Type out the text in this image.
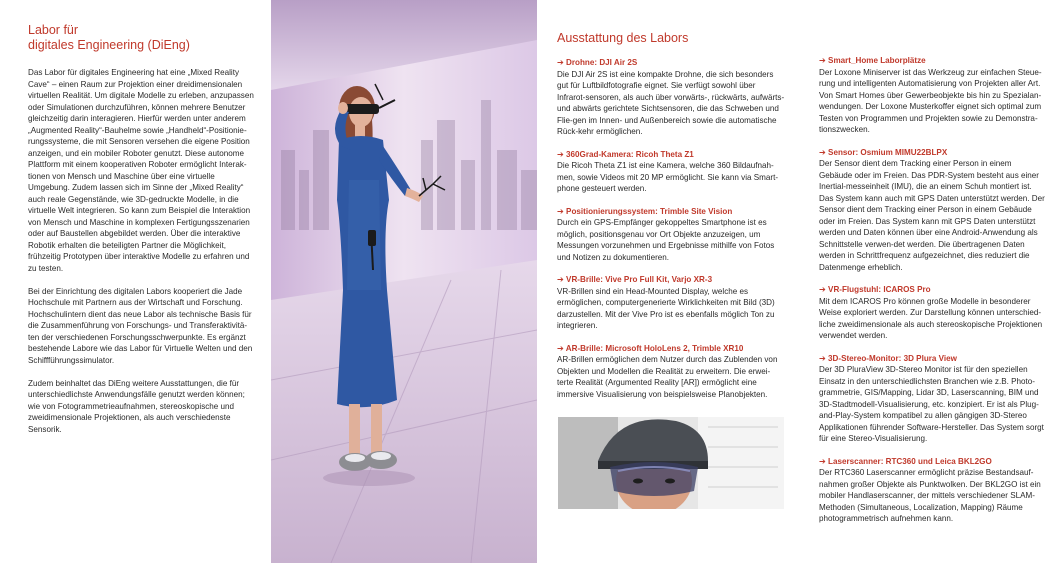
Labor für
digitales Engineering (DiEng)

Das Labor für digitales Engineering hat eine „Mixed Reality Cave“ – einen Raum zur Projektion einer dreidimensionalen virtuellen Realität. Um digitale Modelle zu erleben, anzupassen oder Simulationen durchzuführen, können mehrere Benutzer gleichzeitig darin interagieren. Hierfür werden unter anderem „Augmented Reality“-Bauhelme sowie „Handheld“-Positionie-rungssysteme, die mit Sensoren versehen die eigene Position anzeigen, und ein mobiler Roboter genutzt. Diese autonome Plattform mit einem kooperativen Roboter ermöglicht Interak-tionen von Mensch und Maschine über eine virtuelle Umgebung. Zudem lassen sich im Sinne der „Mixed Reality“ auch reale Gegenstände, wie 3D-gedruckte Modelle, in die virtuelle Welt integrieren. So kann zum Beispiel die Interaktion von Mensch und Maschine in komplexen Fertigungsszenarien oder auf Baustellen abgebildet werden. Über die interaktive Robotik erhalten die beteiligten Partner die Möglichkeit, frühzeitig Prototypen über interaktive Modelle zu erfahren und zu testen.

Bei der Einrichtung des digitalen Labors kooperiert die Jade Hochschule mit Partnern aus der Wirtschaft und Forschung. Hochschulintern dient das neue Labor als technische Basis für die Zusammenführung von Forschungs- und Transferaktivitä-ten der verschiedenen Forschungsschwerpunkte. Es ergänzt bestehende Labore wie das Labor für Virtuelle Welten und den Schiffführungssimulator.

Zudem beinhaltet das DiEng weitere Ausstattungen, die für unterschiedlichste Anwendungsfälle genutzt werden können; wie von Fotogrammetrieaufnahmen, stereoskopische und zweidimensionale Projektionen, als auch verschiedenste Sensorik.

Ausstattung des Labors
➔ Drohne: DJI Air 2S
Die DJI Air 2S ist eine kompakte Drohne, die sich besonders gut für Luftbildfotografie eignet. Sie verfügt sowohl über Infrarot-sensoren, als auch über vorwärts-, rückwärts, aufwärts- und abwärts gerichtete Sichtsensoren, die das Schweben und Flie-gen im Innen- und Außenbereich sowie die automatische Rück-kehr ermöglichen.
➔ 360Grad-Kamera: Ricoh Theta Z1
Die Ricoh Theta Z1 ist eine Kamera, welche 360 Bildaufnah-men, sowie Videos mit 20 MP ermöglicht. Sie kann via Smart-phone gesteuert werden.
➔ Positionierungssystem: Trimble Site Vision
Durch ein GPS-Empfänger gekoppeltes Smartphone ist es möglich, positionsgenau vor Ort Objekte anzuzeigen, um Messungen vorzunehmen und Ergebnisse mithilfe von Fotos und Notizen zu dokumentieren.
➔ VR-Brille: Vive Pro Full Kit, Varjo XR-3
VR-Brillen sind ein Head-Mounted Display, welche es ermöglichen, computergenerierte Wirklichkeiten mit Bild (3D) darzustellen. Mit der Vive Pro ist es ebenfalls möglich Ton zu integrieren.
➔ AR-Brille: Microsoft HoloLens 2, Trimble XR10
AR-Brillen ermöglichen dem Nutzer durch das Zublenden von Objekten und Modellen die Realität zu erweitern. Die erwei-terte Realität (Argumented Reality [AR]) ermöglicht eine immersive Visualisierung von beispielsweise Planobjekten.
➔ Smart_Home Laborplätze
Der Loxone Miniserver ist das Werkzeug zur einfachen Steue-rung und intelligenten Automatisierung von Projekten aller Art. Von Smart Homes über Gewerbeobjekte bis hin zu Spezialan-wendungen. Der Loxone Musterkoffer eignet sich optimal zum Testen von Programmen und Projekten sowie zu Demonstra-tionszwecken.
➔ Sensor: Osmium MIMU22BLPX
Der Sensor dient dem Tracking einer Person in einem Gebäude oder im Freien. Das PDR-System besteht aus einer Inertial-messeinheit (IMU), die an einem Schuh montiert ist. Das System kann auch mit GPS Daten unterstützt werden. Der Sensor dient dem Tracking einer Person in einem Gebäude oder im Freien. Das System kann mit GPS Daten unterstützt werden und Daten können über eine Android-Anwendung als Schnittstelle verwen-det werden. Die übertragenen Daten werden in Schrittfrequenz aufgezeichnet, dies reduziert die Datenmenge erheblich.
➔ VR-Flugstuhl: ICAROS Pro
Mit dem ICAROS Pro können große Modelle in besonderer Weise exploriert werden. Zur Darstellung können unterschied-liche zweidimensionale als auch stereoskopische Projektionen verwendet werden.
➔ 3D-Stereo-Monitor: 3D Plura View
Der 3D PluraView 3D-Stereo Monitor ist für den speziellen Einsatz in den unterschiedlichsten Branchen wie z.B. Photo-grammetrie, GIS/Mapping, Lidar 3D, Laserscanning, BIM und 3D-Stadtmodell-Visualisierung, etc. konzipiert. Er ist als Plug-and-Play-System kompatibel zu allen gängigen 3D-Stereo Applikationen führender Software-Hersteller. Das System sorgt für eine Stereo-Visualisierung.
➔ Laserscanner: RTC360 und Leica BKL2GO
Der RTC360 Laserscanner ermöglicht präzise Bestandsauf-nahmen großer Objekte als Punktwolken. Der BKL2GO ist ein mobiler Handlaserscanner, der mittels verschiedener SLAM-Methoden (Simultaneous, Localization, Mapping) Räume photogrammetrisch aufnehmen kann.
